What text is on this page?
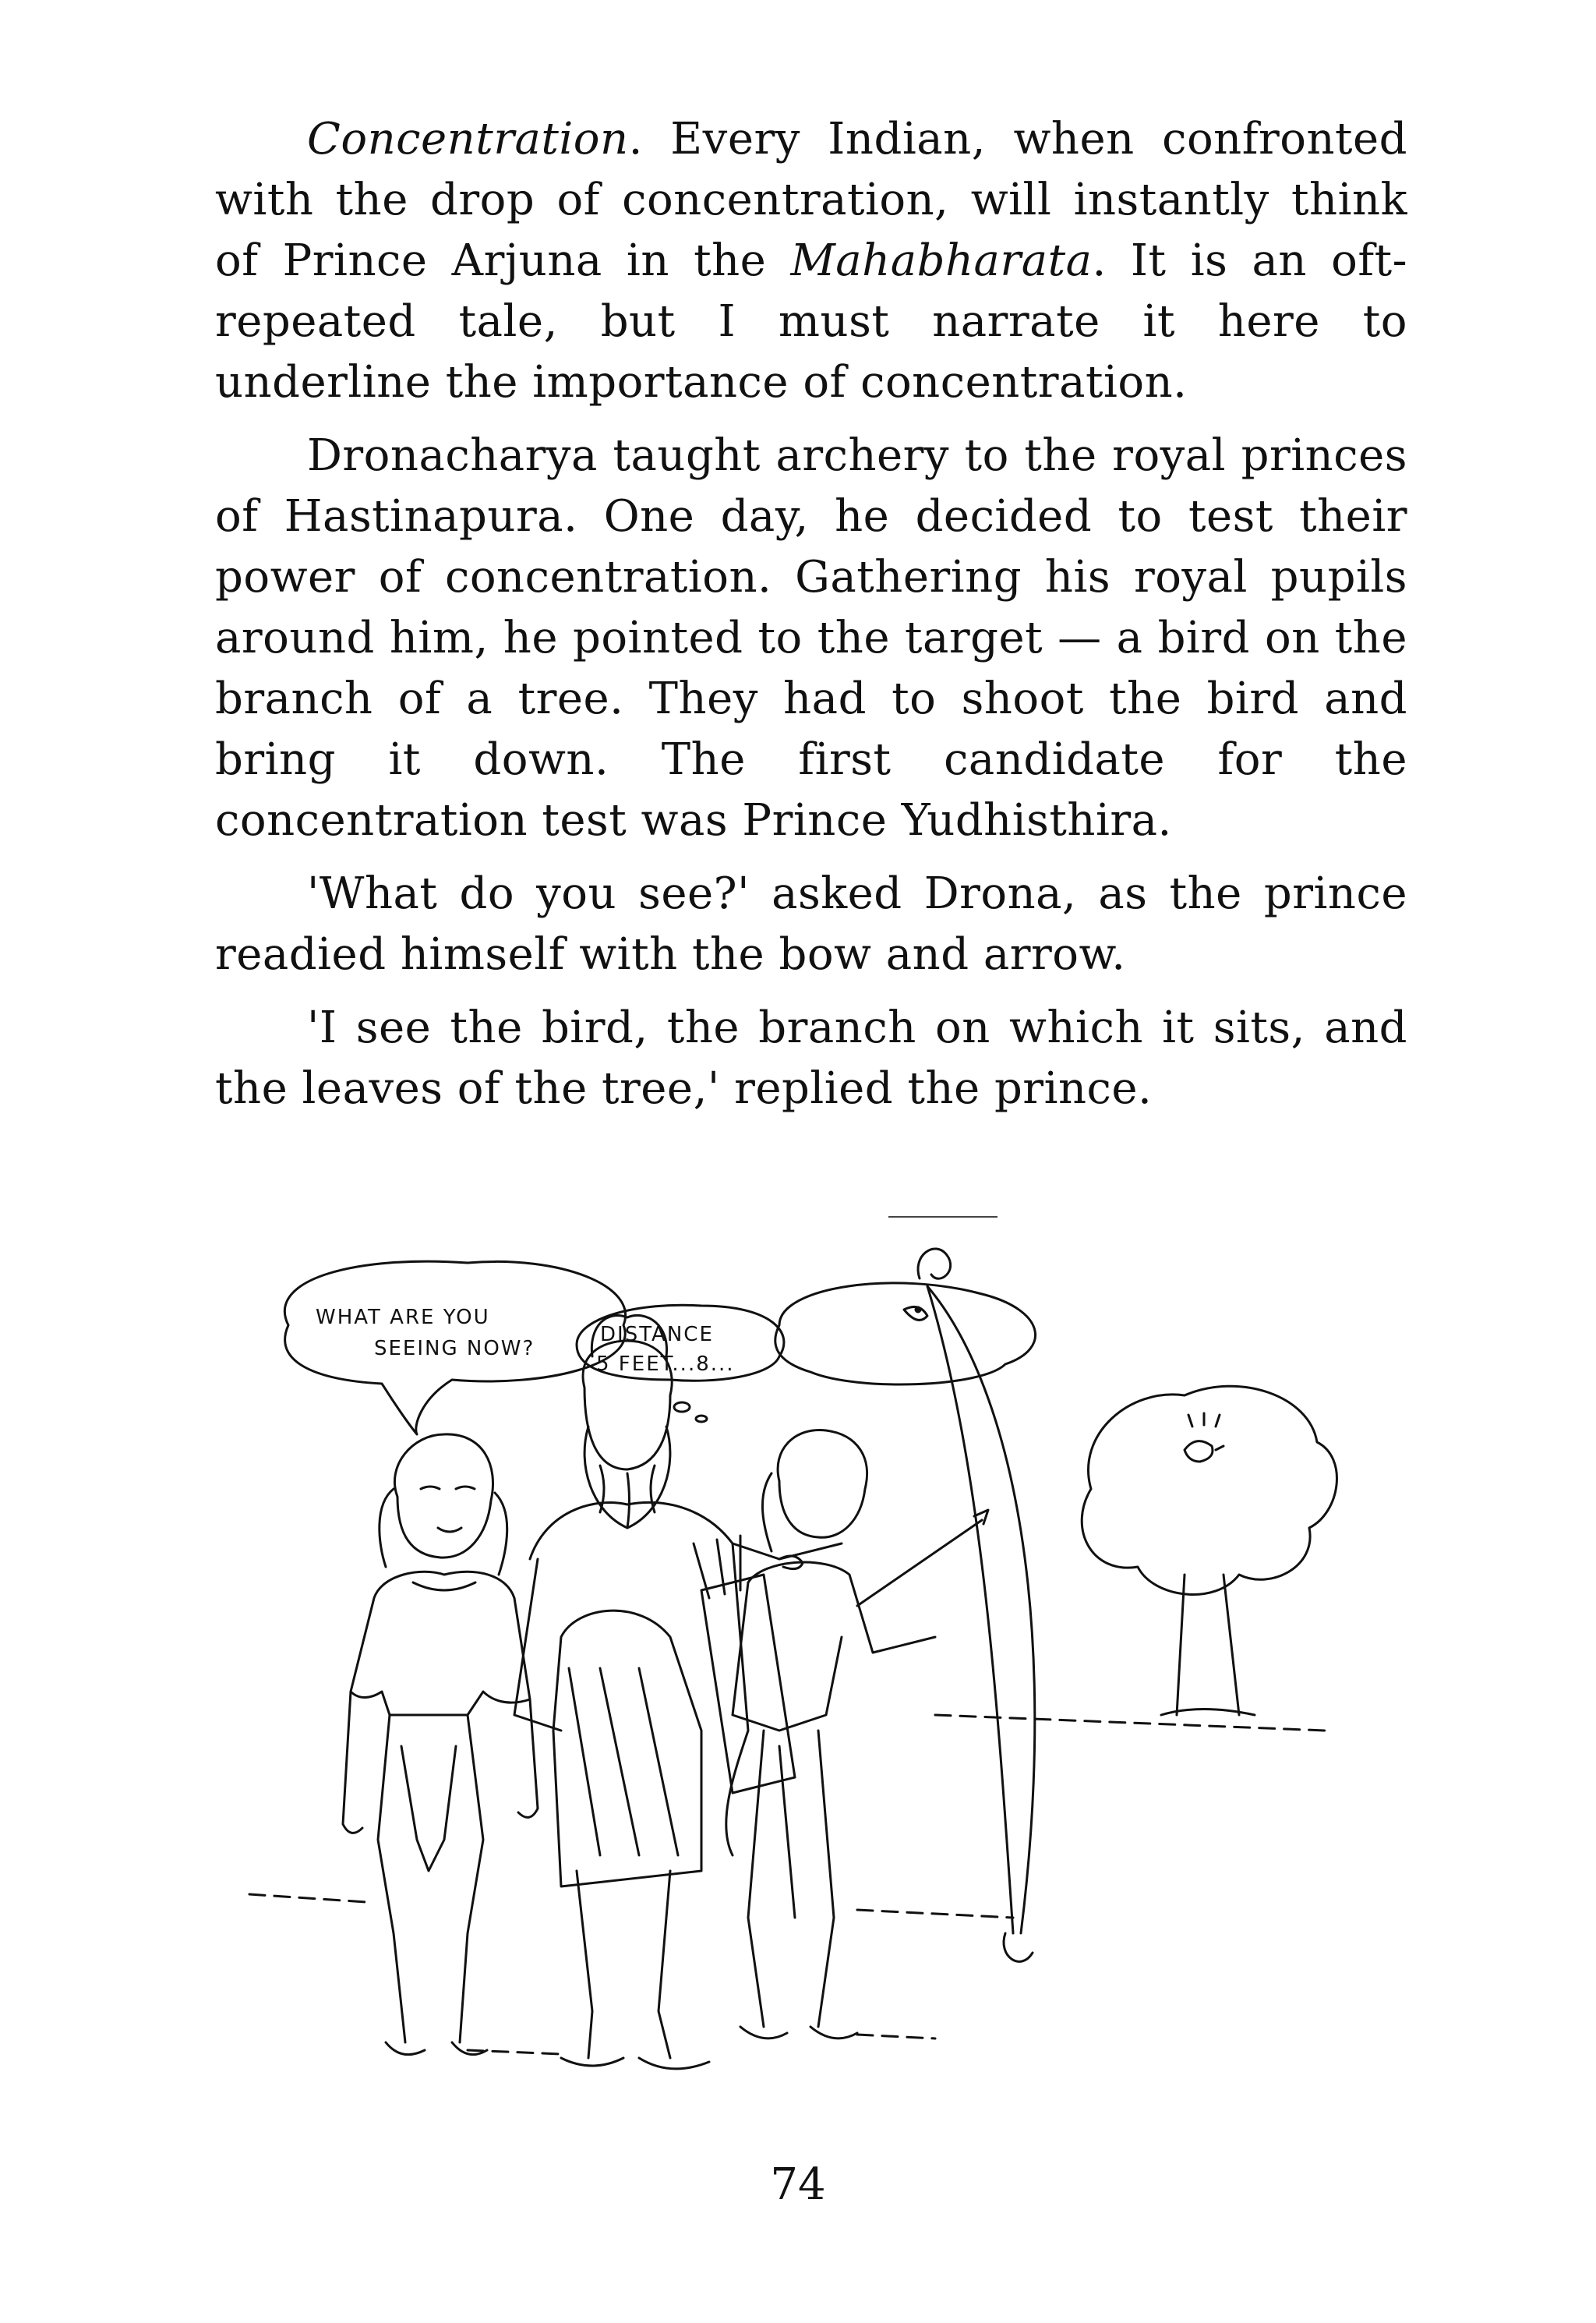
Concentration. Every Indian, when confronted with the drop of concentration, will instantly think of Prince Arjuna in the Mahabharata. It is an oft-repeated tale, but I must narrate it here to underline the importance of concentration.

Dronacharya taught archery to the royal princes of Hastinapura. One day, he decided to test their power of concentration. Gathering his royal pupils around him, he pointed to the target — a bird on the branch of a tree. They had to shoot the bird and bring it down. The first candidate for the concentration test was Prince Yudhisthira.

'What do you see?' asked Drona, as the prince readied himself with the bow and arrow.

'I see the bird, the branch on which it sits, and the leaves of the tree,' replied the prince.

WHAT ARE YOU
SEEING NOW?
DISTANCE
5 FEET...8...
74
